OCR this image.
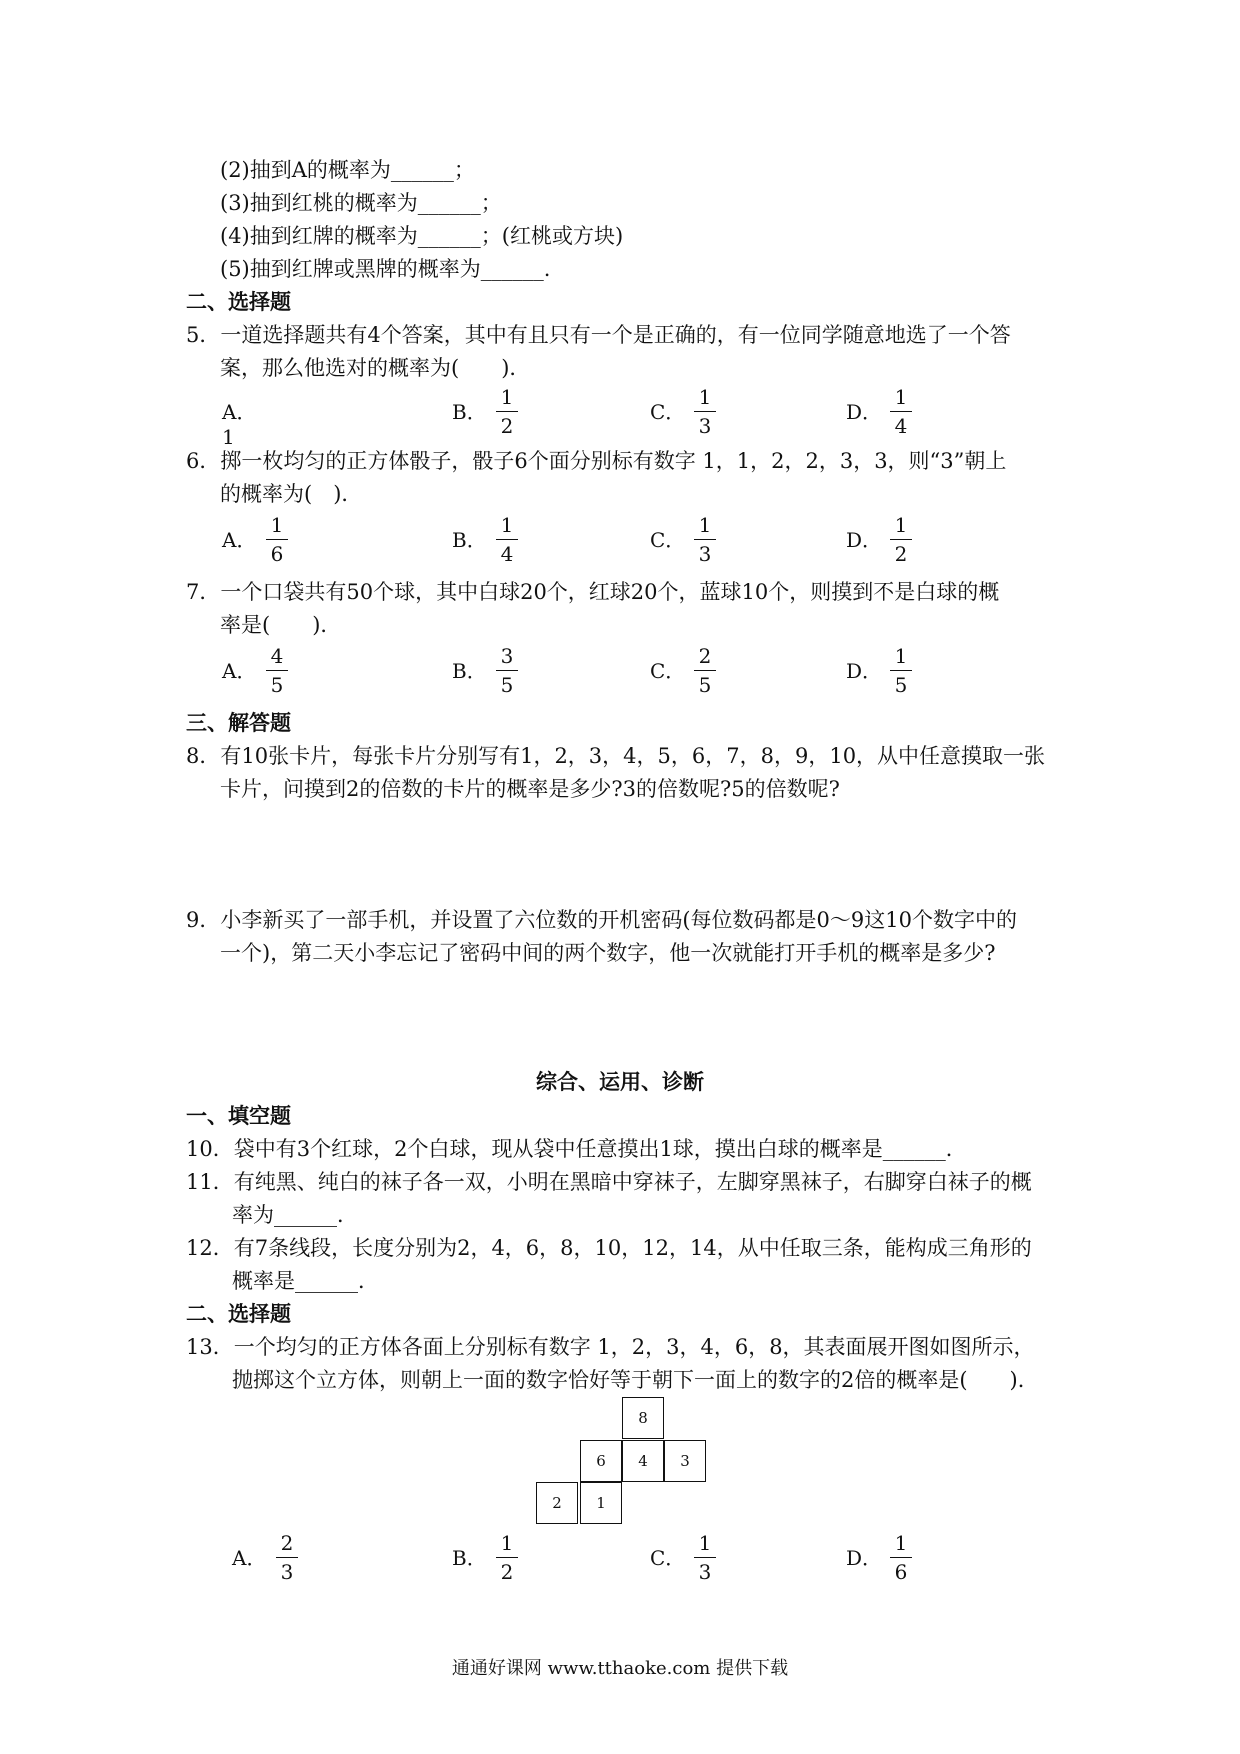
(2)抽到A的概率为______；
(3)抽到红桃的概率为______；
(4)抽到红牌的概率为______；(红桃或方块)
(5)抽到红牌或黑牌的概率为______.
二、选择题
5．一道选择题共有4个答案，其中有且只有一个是正确的，有一位同学随意地选了一个答
案，那么他选对的概率为(　　)．
A．1
B．
1
2
C．
1
3
D．
1
4
6．掷一枚均匀的正方体骰子，骰子6个面分别标有数字 1，1，2，2，3，3，则“3”朝上
的概率为(　)．
A．
1
6
B．
1
4
C．
1
3
D．
1
2
7．一个口袋共有50个球，其中白球20个，红球20个，蓝球10个，则摸到不是白球的概
率是(　　)．
A．
4
5
B．
3
5
C．
2
5
D．
1
5
三、解答题
8．有10张卡片，每张卡片分别写有1，2，3，4，5，6，7，8，9，10，从中任意摸取一张
卡片，问摸到2的倍数的卡片的概率是多少?3的倍数呢?5的倍数呢?
9．小李新买了一部手机，并设置了六位数的开机密码(每位数码都是0～9这10个数字中的
一个)，第二天小李忘记了密码中间的两个数字，他一次就能打开手机的概率是多少?
综合、运用、诊断
一、填空题
10．袋中有3个红球，2个白球，现从袋中任意摸出1球，摸出白球的概率是______．
11．有纯黑、纯白的袜子各一双，小明在黑暗中穿袜子，左脚穿黑袜子，右脚穿白袜子的概
率为______．
12．有7条线段，长度分别为2，4，6，8，10，12，14，从中任取三条，能构成三角形的
概率是______．
二、选择题
13．一个均匀的正方体各面上分别标有数字 1，2，3，4，6，8，其表面展开图如图所示，
抛掷这个立方体，则朝上一面的数字恰好等于朝下一面上的数字的2倍的概率是(　　)．
8
6	4	3
2	1
A．
2
3
B．
1
2
C．
1
3
D．
1
6
通通好课网 www.tthaoke.com 提供下载
